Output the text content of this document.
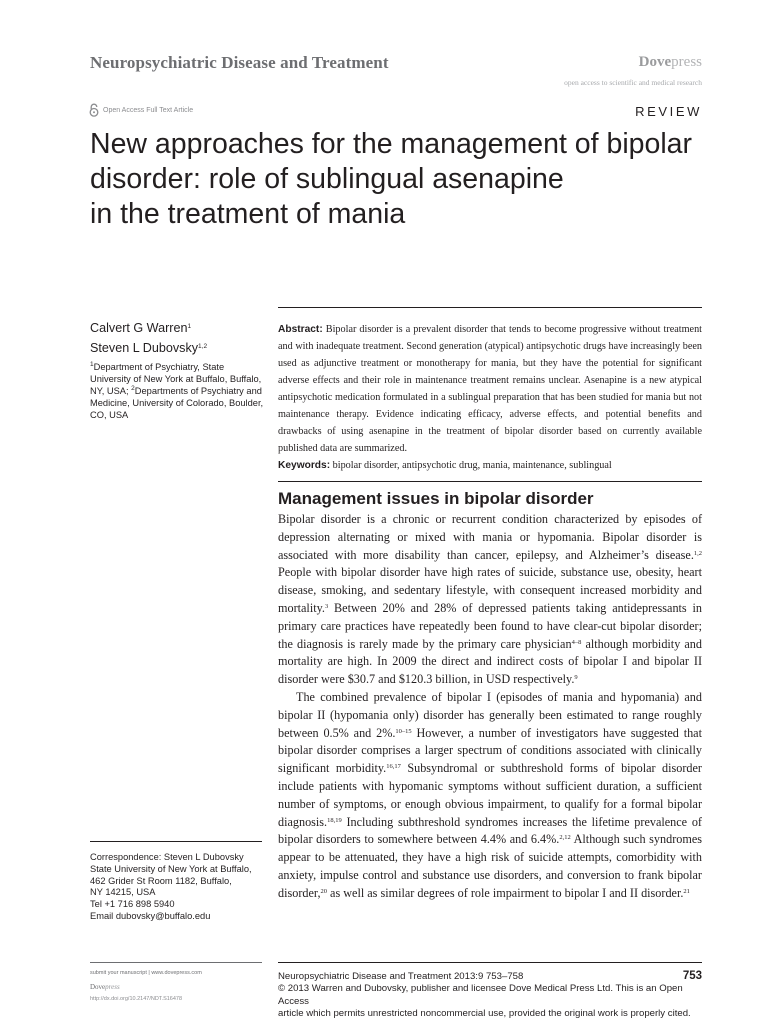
Neuropsychiatric Disease and Treatment	Dovepress
open access to scientific and medical research
Open Access Full Text Article	REVIEW
New approaches for the management of bipolar
disorder: role of sublingual asenapine
in the treatment of mania

Calvert G Warren$^1$

Steven L Dubovsky$^{1,2}$

$^1$Department of Psychiatry, State University of New York at Buffalo, Buffalo, NY, USA; $^2$Departments of Psychiatry and Medicine, University of Colorado, Boulder, CO, USA

Correspondence: Steven L Dubovsky

State University of New York at Buffalo,

462 Grider St Room 1182, Buffalo,

NY 14215, USA

Tel +1 716 898 5940

Email dubovsky@buffalo.edu

Abstract: Bipolar disorder is a prevalent disorder that tends to become progressive without treatment and with inadequate treatment. Second generation (atypical) antipsychotic drugs have increasingly been used as adjunctive treatment or monotherapy for mania, but they have the potential for significant adverse effects and their role in maintenance treatment remains unclear. Asenapine is a new atypical antipsychotic medication formulated in a sublingual preparation that has been studied for mania but not maintenance therapy. Evidence indicating efficacy, adverse effects, and potential benefits and drawbacks of using asenapine in the treatment of bipolar disorder based on currently available published data are summarized.
Keywords: bipolar disorder, antipsychotic drug, mania, maintenance, sublingual
Management issues in bipolar disorder

Bipolar disorder is a chronic or recurrent condition characterized by episodes of depression alternating or mixed with mania or hypomania. Bipolar disorder is associated with more disability than cancer, epilepsy, and Alzheimer’s disease.$^{1,2}$ People with bipolar disorder have high rates of suicide, substance use, obesity, heart disease, smoking, and sedentary lifestyle, with consequent increased morbidity and mortality.$^3$ Between 20% and 28% of depressed patients taking antidepressants in primary care practices have repeatedly been found to have clear-cut bipolar disorder; the diagnosis is rarely made by the primary care physician$^{4-8}$ although morbidity and mortality are high. In 2009 the direct and indirect costs of bipolar I and bipolar II disorder were $30.7 and $120.3 billion, in USD respectively.$^9$

The combined prevalence of bipolar I (episodes of mania and hypomania) and bipolar II (hypomania only) disorder has generally been estimated to range roughly between 0.5% and 2%.$^{10-15}$ However, a number of investigators have suggested that bipolar disorder comprises a larger spectrum of conditions associated with clinically significant morbidity.$^{16,17}$ Subsyndromal or subthreshold forms of bipolar disorder include patients with hypomanic symptoms without sufficient duration, a sufficient number of symptoms, or enough obvious impairment, to qualify for a formal bipolar diagnosis.$^{18,19}$ Including subthreshold syndromes increases the lifetime prevalence of bipolar disorders to somewhere between 4.4% and 6.4%.$^{2,12}$ Although such syndromes appear to be attenuated, they have a high risk of suicide attempts, comorbidity with anxiety, impulse control and substance use disorders, and conversion to frank bipolar disorder,$^{20}$ as well as similar degrees of role impairment to bipolar I and II disorder.$^{21}$

submit your manuscript | www.dovepress.com
Dovepress
http://dx.doi.org/10.2147/NDT.S16478
Neuropsychiatric Disease and Treatment 2013:9 753–758	753

© 2013 Warren and Dubovsky, publisher and licensee Dove Medical Press Ltd. This is an Open Access

article which permits unrestricted noncommercial use, provided the original work is properly cited.
